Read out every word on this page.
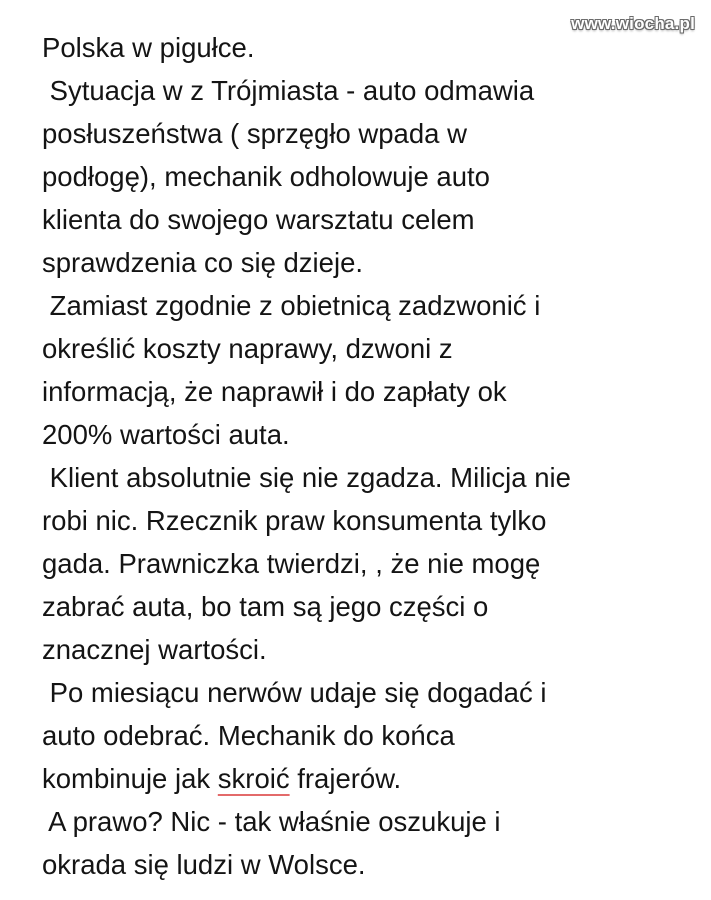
www.wiocha.pl
Polska w pigułce.
Sytuacja w z Trójmiasta - auto odmawia
posłuszeństwa ( sprzęgło wpada w
podłogę), mechanik odholowuje auto
klienta do swojego warsztatu celem
sprawdzenia co się dzieje.
Zamiast zgodnie z obietnicą zadzwonić i
określić koszty naprawy, dzwoni z
informacją, że naprawił i do zapłaty ok
200% wartości auta.
Klient absolutnie się nie zgadza. Milicja nie
robi nic. Rzecznik praw konsumenta tylko
gada. Prawniczka twierdzi, , że nie mogę
zabrać auta, bo tam są jego części o
znacznej wartości.
Po miesiącu nerwów udaje się dogadać i
auto odebrać. Mechanik do końca
kombinuje jak skroić frajerów.
A prawo? Nic - tak właśnie oszukuje i
okrada się ludzi w Wolsce.
